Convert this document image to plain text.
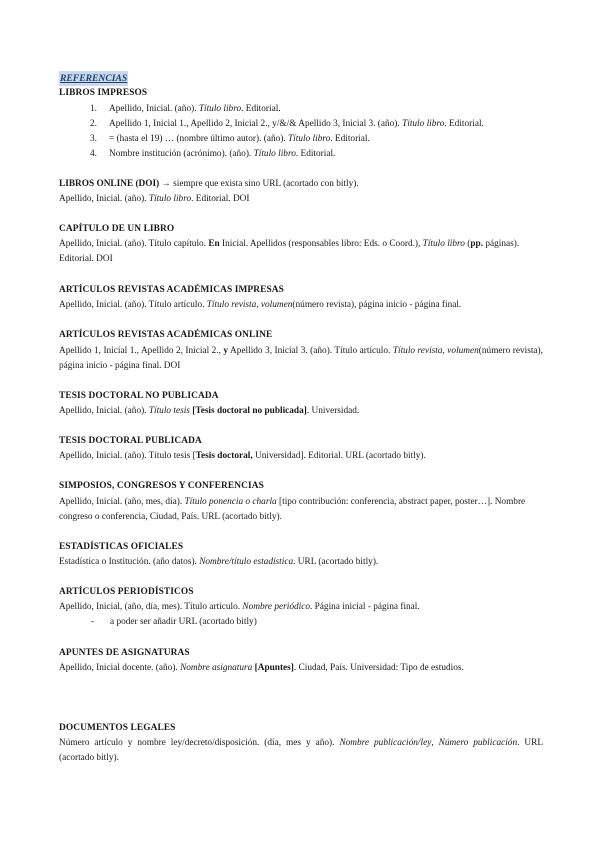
REFERENCIAS
LIBROS IMPRESOS
1. Apellido, Inicial. (año). Título libro. Editorial.
2. Apellido 1, Inicial 1., Apellido 2, Inicial 2., y/&/& Apellido 3, Inicial 3. (año). Título libro. Editorial.
3. = (hasta el 19) … (nombre último autor). (año). Título libro. Editorial.
4. Nombre institución (acrónimo). (año). Título libro. Editorial.
LIBROS ONLINE (DOI) → siempre que exista sino URL (acortado con bitly).
Apellido, Inicial. (año). Título libro. Editorial. DOI
CAPÍTULO DE UN LIBRO
Apellido, Inicial. (año). Título capítulo. En Inicial. Apellidos (responsables libro: Eds. o Coord.), Título libro (pp. páginas). Editorial. DOI
ARTÍCULOS REVISTAS ACADÉMICAS IMPRESAS
Apellido, Inicial. (año). Título artículo. Título revista, volumen(número revista), página inicio - página final.
ARTÍCULOS REVISTAS ACADÉMICAS ONLINE
Apellido 1, Inicial 1., Apellido 2, Inicial 2., y Apellido 3, Inicial 3. (año). Título artículo. Título revista, volumen(número revista), página inicio - página final. DOI
TESIS DOCTORAL NO PUBLICADA
Apellido, Inicial. (año). Título tesis [Tesis doctoral no publicada]. Universidad.
TESIS DOCTORAL PUBLICADA
Apellido, Inicial. (año). Título tesis [Tesis doctoral, Universidad]. Editorial. URL (acortado bitly).
SIMPOSIOS, CONGRESOS Y CONFERENCIAS
Apellido, Inicial. (año, mes, día). Título ponencia o charla [tipo contribución: conferencia, abstract paper, poster…]. Nombre congreso o conferencia, Ciudad, País. URL (acortado bitly).
ESTADÍSTICAS OFICIALES
Estadística o Institución. (año datos). Nombre/título estadística. URL (acortado bitly).
ARTÍCULOS PERIODÍSTICOS
Apellido, Inicial, (año, día, mes). Título artículo. Nombre periódico. Página inicial - página final.
- a poder ser añadir URL (acortado bitly)
APUNTES DE ASIGNATURAS
Apellido, Inicial docente. (año). Nombre asignatura [Apuntes]. Ciudad, País. Universidad: Tipo de estudios.
DOCUMENTOS LEGALES
Número artículo y nombre ley/decreto/disposición. (día, mes y año). Nombre publicación/ley, Número publicación. URL (acortado bitly).
